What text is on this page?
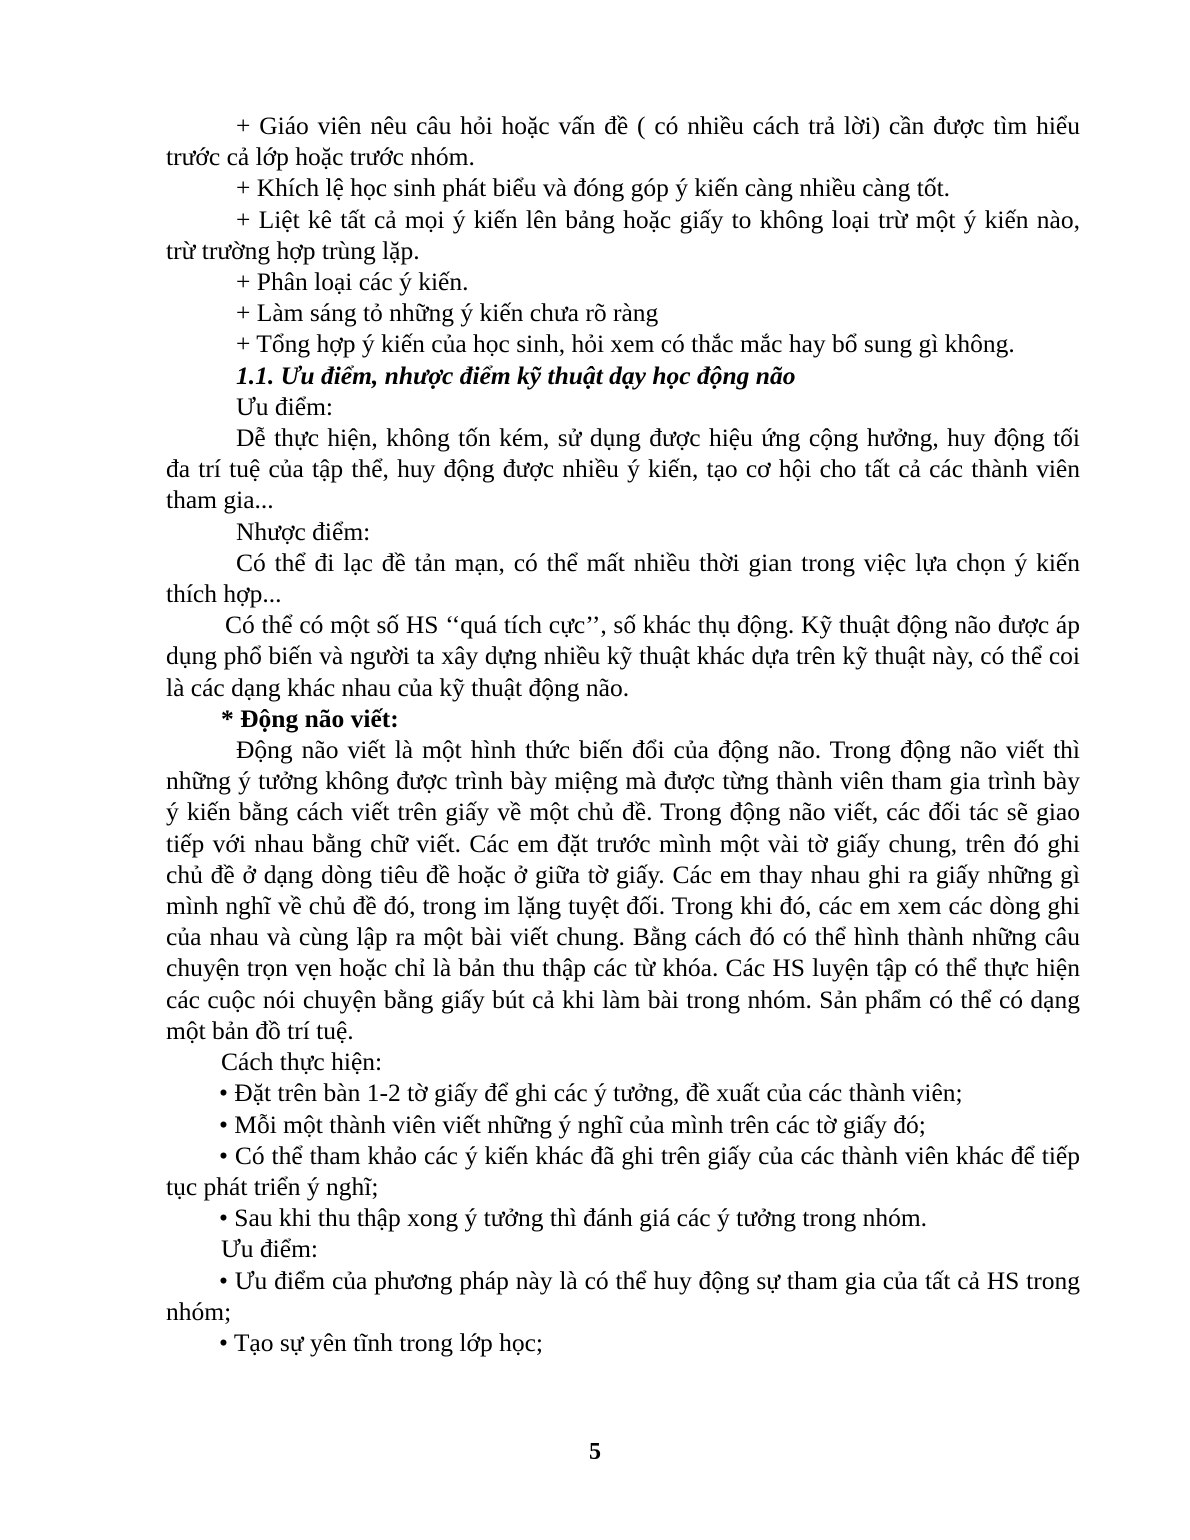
+ Giáo viên nêu câu hỏi hoặc vấn đề ( có nhiều cách trả lời) cần được tìm hiểu trước cả lớp hoặc trước nhóm.

+ Khích lệ học sinh phát biểu và đóng góp ý kiến càng nhiều càng tốt.

+ Liệt kê tất cả mọi ý kiến lên bảng hoặc giấy to không loại trừ một ý kiến nào, trừ trường hợp trùng lặp.

+ Phân loại các ý kiến.

+ Làm sáng tỏ những ý kiến chưa rõ ràng

+ Tổng hợp ý kiến của học sinh, hỏi xem có thắc mắc hay bổ sung gì không.

1.1. Ưu điểm, nhược điểm kỹ thuật dạy học động não

Ưu điểm:

Dễ thực hiện, không tốn kém, sử dụng được hiệu ứng cộng hưởng, huy động tối đa trí tuệ của tập thể, huy động được nhiều ý kiến, tạo cơ hội cho tất cả các thành viên tham gia...

Nhược điểm:

Có thể đi lạc đề tản mạn, có thể mất nhiều thời gian trong việc lựa chọn ý kiến thích hợp...

Có thể có một số HS ‘‘quá tích cực’’, số khác thụ động. Kỹ thuật động não được áp dụng phổ biến và người ta xây dựng nhiều kỹ thuật khác dựa trên kỹ thuật này, có thể coi là các dạng khác nhau của kỹ thuật động não.

* Động não viết:

Động não viết là một hình thức biến đổi của động não. Trong động não viết thì những ý tưởng không được trình bày miệng mà được từng thành viên tham gia trình bày ý kiến bằng cách viết trên giấy về một chủ đề. Trong động não viết, các đối tác sẽ giao tiếp với nhau bằng chữ viết. Các em đặt trước mình một vài tờ giấy chung, trên đó ghi chủ đề ở dạng dòng tiêu đề hoặc ở giữa tờ giấy. Các em thay nhau ghi ra giấy những gì mình nghĩ về chủ đề đó, trong im lặng tuyệt đối. Trong khi đó, các em xem các dòng ghi của nhau và cùng lập ra một bài viết chung. Bằng cách đó có thể hình thành những câu chuyện trọn vẹn hoặc chỉ là bản thu thập các từ khóa. Các HS luyện tập có thể thực hiện các cuộc nói chuyện bằng giấy bút cả khi làm bài trong nhóm. Sản phẩm có thể có dạng một bản đồ trí tuệ.

Cách thực hiện:

• Đặt trên bàn 1-2 tờ giấy để ghi các ý tưởng, đề xuất của các thành viên;

• Mỗi một thành viên viết những ý nghĩ của mình trên các tờ giấy đó;

• Có thể tham khảo các ý kiến khác đã ghi trên giấy của các thành viên khác để tiếp tục phát triển ý nghĩ;

• Sau khi thu thập xong ý tưởng thì đánh giá các ý tưởng trong nhóm.

Ưu điểm:

• Ưu điểm của phương pháp này là có thể huy động sự tham gia của tất cả HS trong nhóm;

• Tạo sự yên tĩnh trong lớp học;

5
